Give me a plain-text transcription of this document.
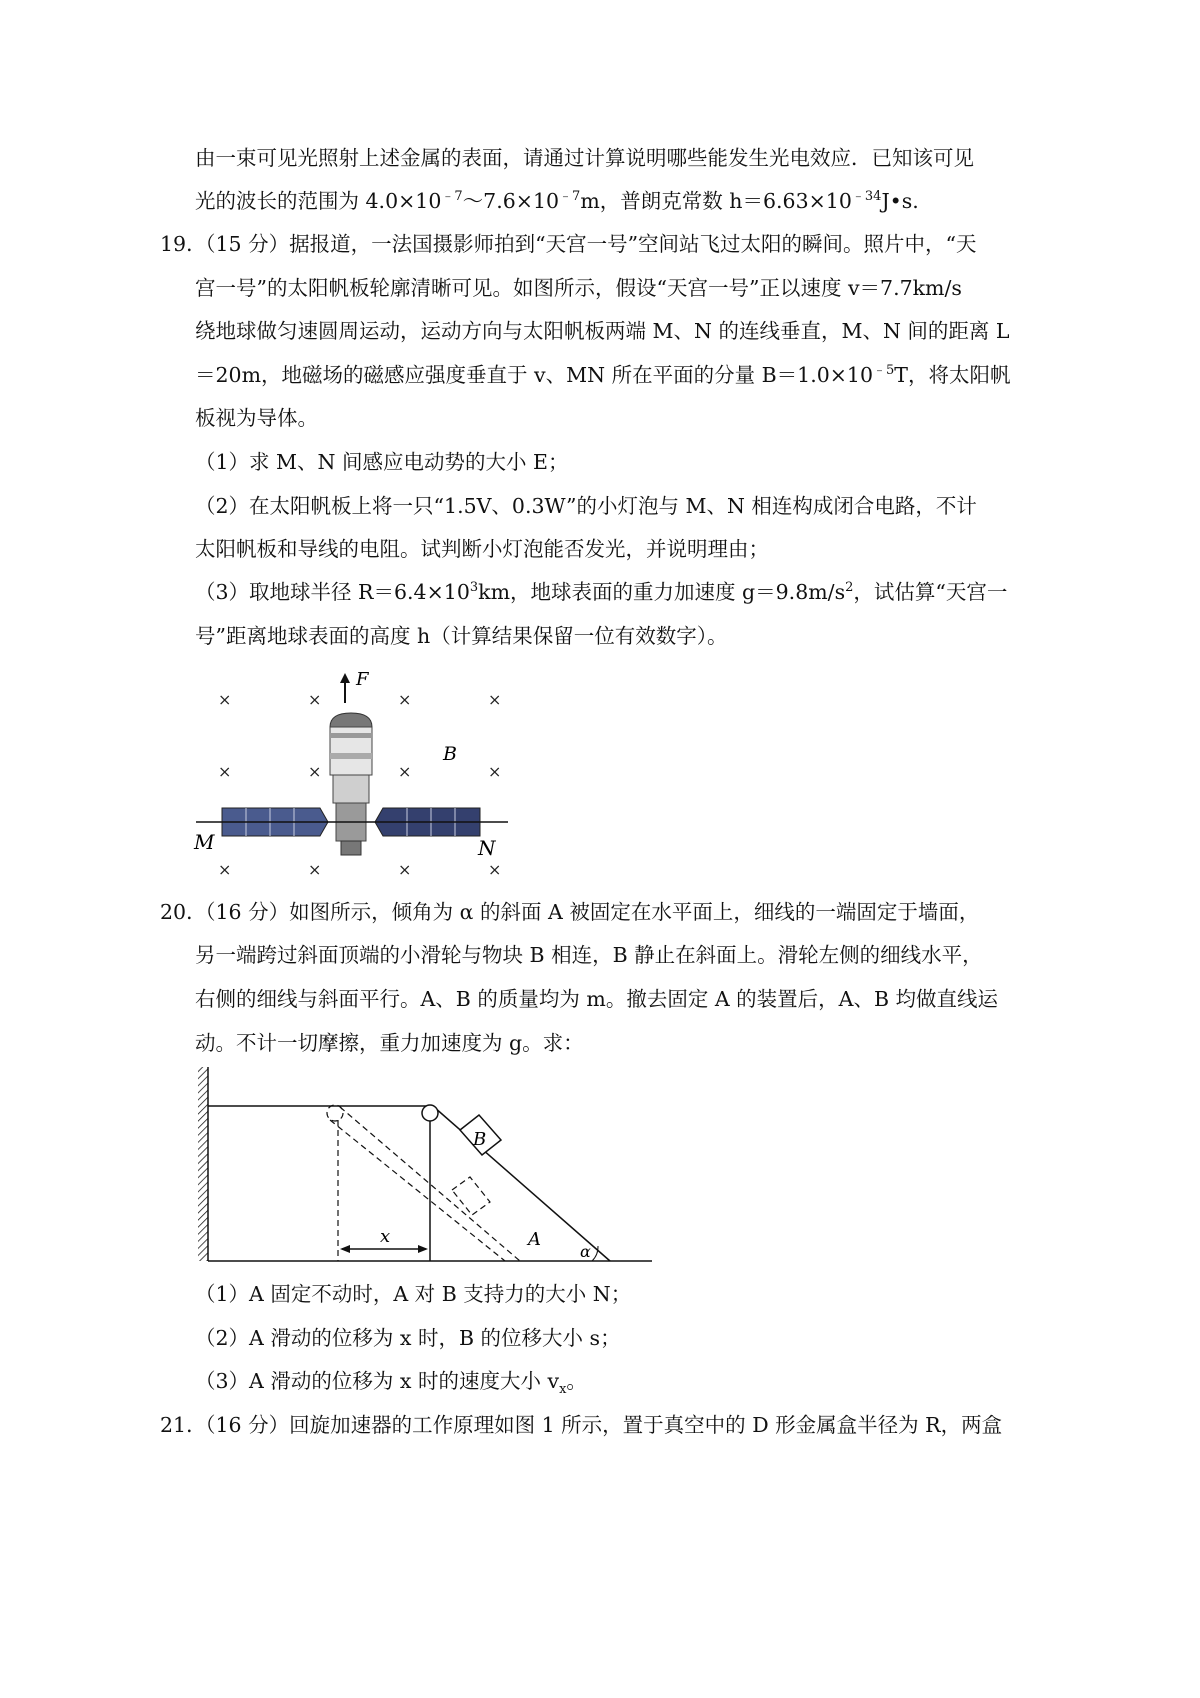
由一束可见光照射上述金属的表面，请通过计算说明哪些能发生光电效应．已知该可见
光的波长的范围为 $4.0\times 10^{﹣7}\sim 7.6\times 10^{﹣7}m$，普朗克常数 $h=6.63\times 10^{﹣34}J•s$.
19．
（15 分）据报道，一法国摄影师拍到“天宫一号”空间站飞过太阳的瞬间。照片中，“天
宫一号”的太阳帆板轮廓清晰可见。如图所示，假设“天宫一号”正以速度 v＝7.7km/s
绕地球做匀速圆周运动，运动方向与太阳帆板两端 M、N 的连线垂直，M、N 间的距离 L
＝20m，地磁场的磁感应强度垂直于 v、MN 所在平面的分量 $B=1.0\times 10^{﹣5}T$，将太阳帆
板视为导体。
（1）求 M、N 间感应电动势的大小 E；
（2）在太阳帆板上将一只“1.5V、0.3W”的小灯泡与 M、N 相连构成闭合电路，不计
太阳帆板和导线的电阻。试判断小灯泡能否发光，并说明理由；
（3）取地球半径 $R=6.4\times 10^3km$，地球表面的重力加速度 $g=9.8m/s^2$，试估算“天宫一
号”距离地球表面的高度 h（计算结果保留一位有效数字）。
×	×	×	×
×	×	×	×
×	×	×	×
F
B
M	N
20．
（16 分）如图所示，倾角为 α 的斜面 A 被固定在水平面上，细线的一端固定于墙面，
另一端跨过斜面顶端的小滑轮与物块 B 相连，B 静止在斜面上。滑轮左侧的细线水平，
右侧的细线与斜面平行。A、B 的质量均为 m。撤去固定 A 的装置后，A、B 均做直线运
动。不计一切摩擦，重力加速度为 g。求：
B
x	A
α
（1）A 固定不动时，A 对 B 支持力的大小 N；
（2）A 滑动的位移为 x 时，B 的位移大小 s；
（3）A 滑动的位移为 x 时的速度大小 $v_x$。
21．
（16 分）回旋加速器的工作原理如图 1 所示，置于真空中的 D 形金属盒半径为 R，两盒
